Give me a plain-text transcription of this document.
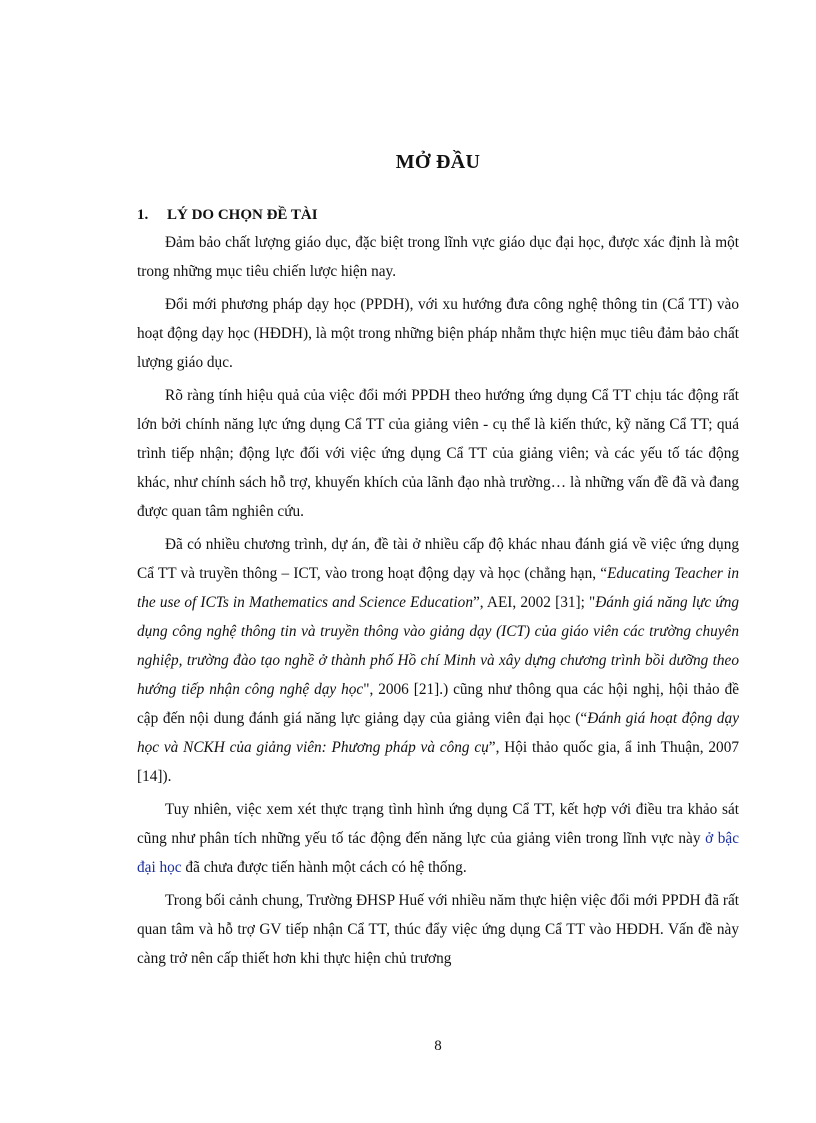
MỞ ĐẦU
1. LÝ DO CHỌN ĐỀ TÀI

Đảm bảo chất lượng giáo dục, đặc biệt trong lĩnh vực giáo dục đại học, được xác định là một trong những mục tiêu chiến lược hiện nay.

Đổi mới phương pháp dạy học (PPDH), với xu hướng đưa công nghệ thông tin (Cẩ TT) vào hoạt động dạy học (HĐDH), là một trong những biện pháp nhằm thực hiện mục tiêu đảm bảo chất lượng giáo dục.

Rõ ràng tính hiệu quả của việc đổi mới PPDH theo hướng ứng dụng Cẩ TT chịu tác động rất lớn bởi chính năng lực ứng dụng Cẩ TT của giảng viên - cụ thể là kiến thức, kỹ năng Cẩ TT; quá trình tiếp nhận; động lực đối với việc ứng dụng Cẩ TT của giảng viên; và các yếu tố tác động khác, như chính sách hỗ trợ, khuyến khích của lãnh đạo nhà trường… là những vấn đề đã và đang được quan tâm nghiên cứu.

Đã có nhiều chương trình, dự án, đề tài ở nhiều cấp độ khác nhau đánh giá về việc ứng dụng Cẩ TT và truyền thông – ICT, vào trong hoạt động dạy và học (chẳng hạn, “Educating Teacher in the use of ICTs in Mathematics and Science Education”, AEI, 2002 [31]; "Đánh giá năng lực ứng dụng công nghệ thông tin và truyền thông vào giảng dạy (ICT) của giáo viên các trường chuyên nghiệp, trường đào tạo nghề ở thành phố Hồ chí Minh và xây dựng chương trình bồi dưỡng theo hướng tiếp nhận công nghệ dạy học", 2006 [21].) cũng như thông qua các hội nghị, hội thảo đề cập đến nội dung đánh giá năng lực giảng dạy của giảng viên đại học (“Đánh giá hoạt động dạy học và NCKH của giảng viên: Phương pháp và công cụ”, Hội thảo quốc gia, ẩ inh Thuận, 2007 [14]).

Tuy nhiên, việc xem xét thực trạng tình hình ứng dụng Cẩ TT, kết hợp với điều tra khảo sát cũng như phân tích những yếu tố tác động đến năng lực của giảng viên trong lĩnh vực này ở bậc đại học đã chưa được tiến hành một cách có hệ thống.

Trong bối cảnh chung, Trường ĐHSP Huế với nhiều năm thực hiện việc đổi mới PPDH đã rất quan tâm và hỗ trợ GV tiếp nhận Cẩ TT, thúc đẩy việc ứng dụng Cẩ TT vào HĐDH. Vấn đề này càng trở nên cấp thiết hơn khi thực hiện chủ trương

8
